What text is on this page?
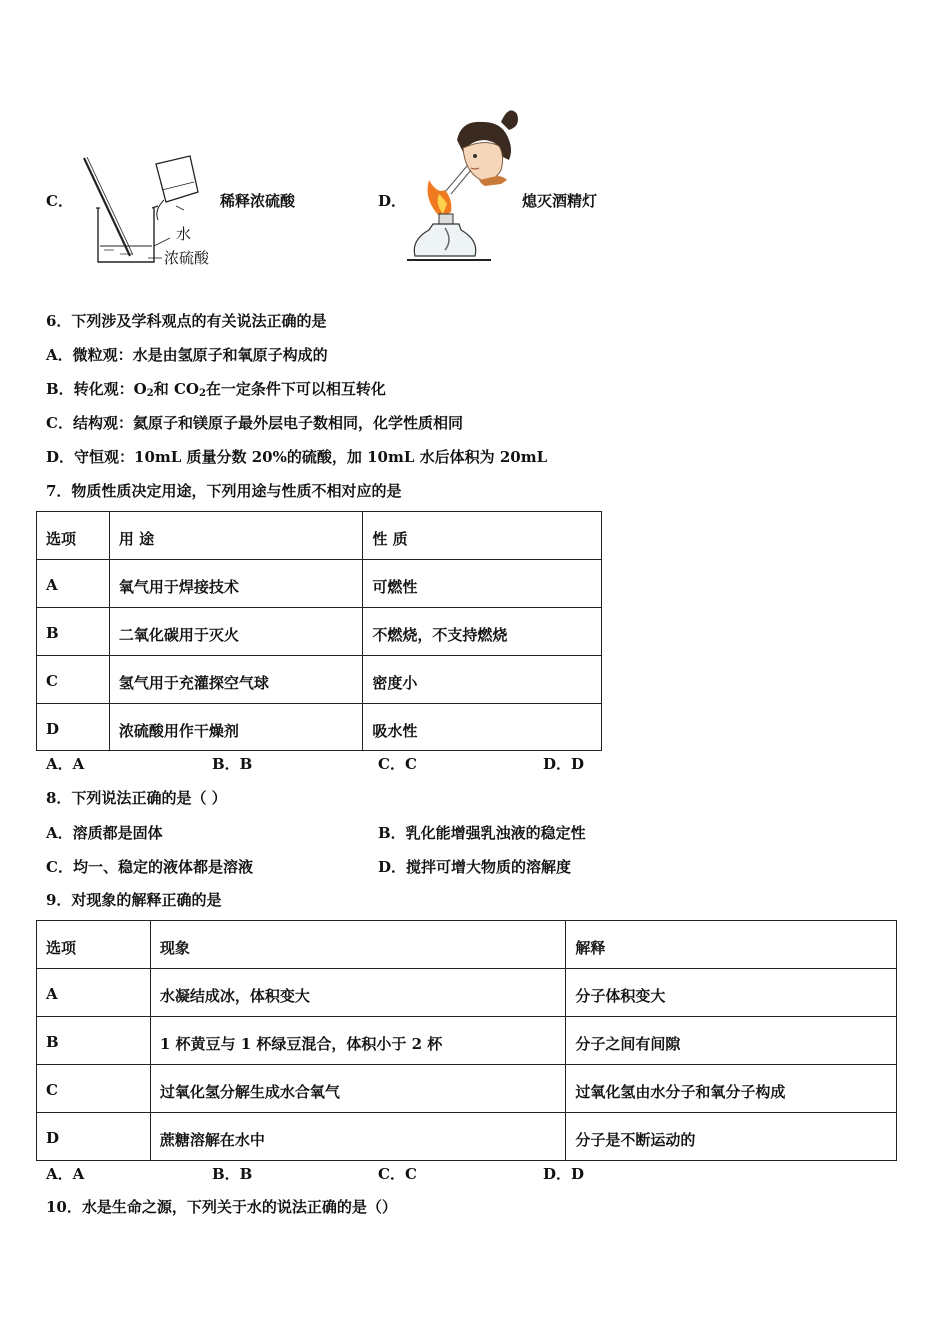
C．
水
浓硫酸
稀释浓硫酸	D．	熄灭酒精灯
6．下列涉及学科观点的有关说法正确的是
A．微粒观：水是由氢原子和氧原子构成的
B．转化观：$O_2$和 $CO_2$在一定条件下可以相互转化
C．结构观：氦原子和镁原子最外层电子数相同，化学性质相同
D．守恒观：10mL 质量分数 20%的硫酸，加 10mL 水后体积为 20mL
7．物质性质决定用途，下列用途与性质不相对应的是
选项	用 途	性 质
A	氧气用于焊接技术	可燃性
B	二氧化碳用于灭火	不燃烧，不支持燃烧
C	氢气用于充灌探空气球	密度小
D	浓硫酸用作干燥剂	吸水性
A．A	B．B	C．C	D．D
8．下列说法正确的是（ ）
A．溶质都是固体	B．乳化能增强乳浊液的稳定性
C．均一、稳定的液体都是溶液	D．搅拌可增大物质的溶解度
9．对现象的解释正确的是
选项	现象	解释
A	水凝结成冰，体积变大	分子体积变大
B	1 杯黄豆与 1 杯绿豆混合，体积小于 2 杯	分子之间有间隙
C	过氧化氢分解生成水合氧气	过氧化氢由水分子和氧分子构成
D	蔗糖溶解在水中	分子是不断运动的
A．A	B．B	C．C	D．D
10．水是生命之源，下列关于水的说法正确的是（）
